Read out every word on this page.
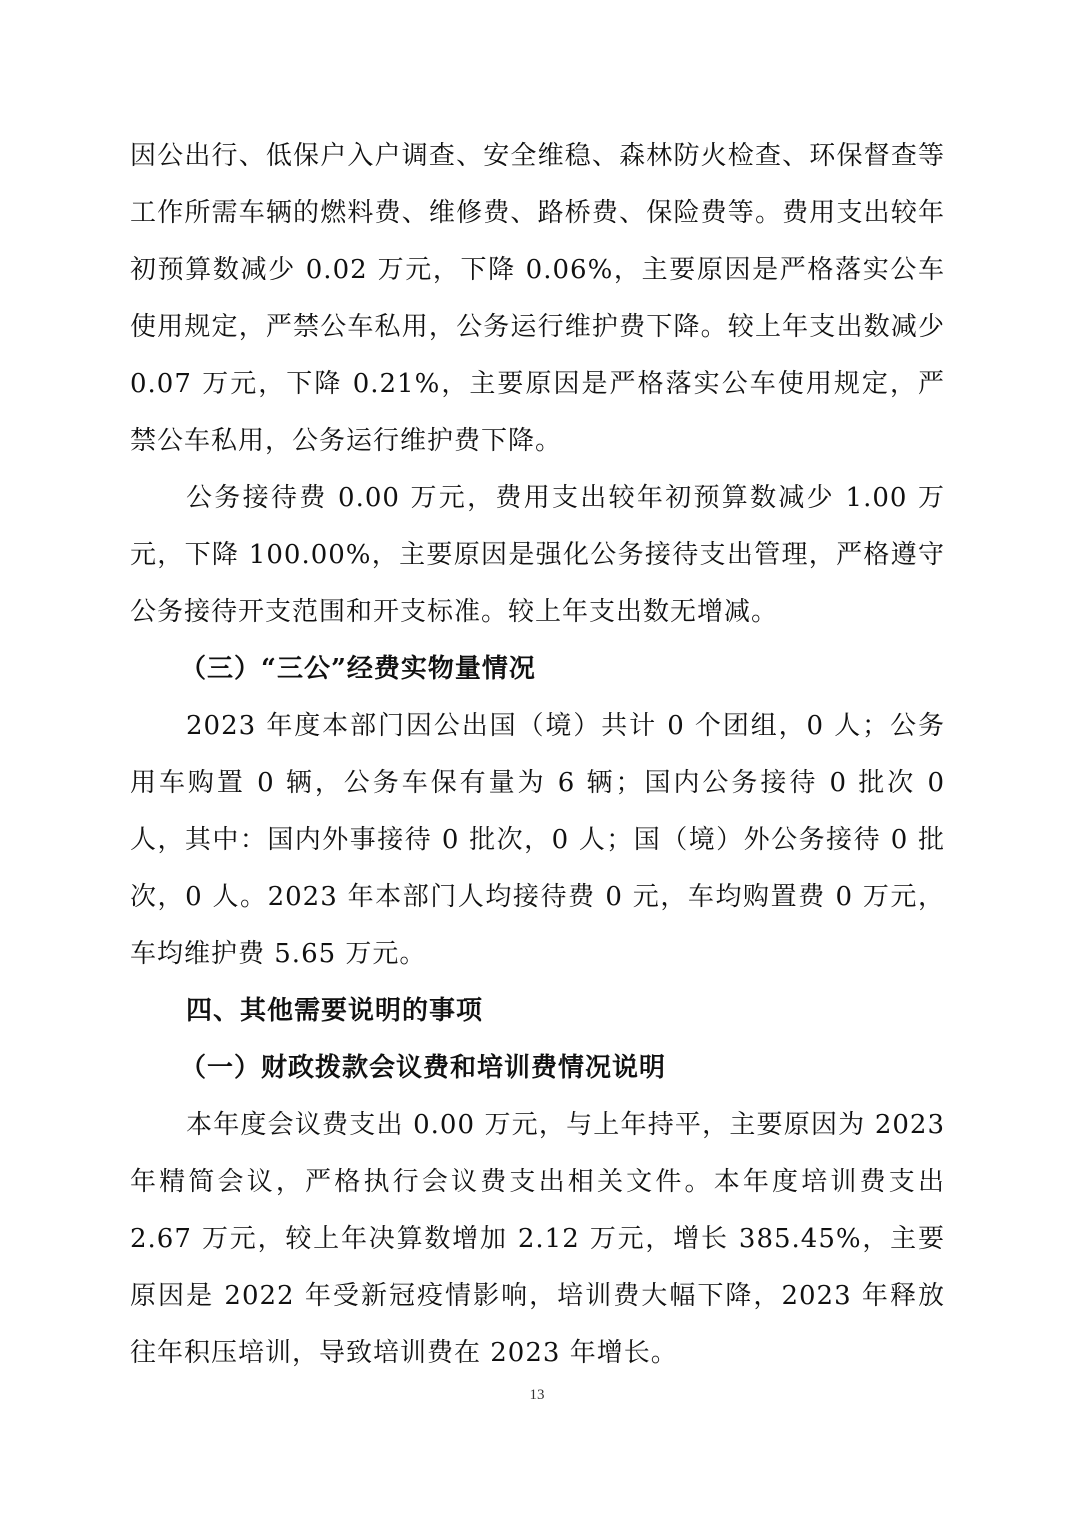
因公出行、低保户入户调查、安全维稳、森林防火检查、环保督查等工作所需车辆的燃料费、维修费、路桥费、保险费等。费用支出较年初预算数减少 0.02 万元，下降 0.06%，主要原因是严格落实公车使用规定，严禁公车私用，公务运行维护费下降。较上年支出数减少 0.07 万元，下降 0.21%，主要原因是严格落实公车使用规定，严禁公车私用，公务运行维护费下降。

公务接待费 0.00 万元，费用支出较年初预算数减少 1.00 万元，下降 100.00%，主要原因是强化公务接待支出管理，严格遵守公务接待开支范围和开支标准。较上年支出数无增减。

（三）“三公”经费实物量情况

2023 年度本部门因公出国（境）共计 0 个团组，0 人；公务用车购置 0 辆，公务车保有量为 6 辆；国内公务接待 0 批次 0 人，其中：国内外事接待 0 批次，0 人；国（境）外公务接待 0 批次，0 人。2023 年本部门人均接待费 0 元，车均购置费 0 万元，车均维护费 5.65 万元。

四、其他需要说明的事项

（一）财政拨款会议费和培训费情况说明

本年度会议费支出 0.00 万元，与上年持平，主要原因为 2023 年精简会议，严格执行会议费支出相关文件。本年度培训费支出 2.67 万元，较上年决算数增加 2.12 万元，增长 385.45%，主要原因是 2022 年受新冠疫情影响，培训费大幅下降，2023 年释放往年积压培训，导致培训费在 2023 年增长。

13
